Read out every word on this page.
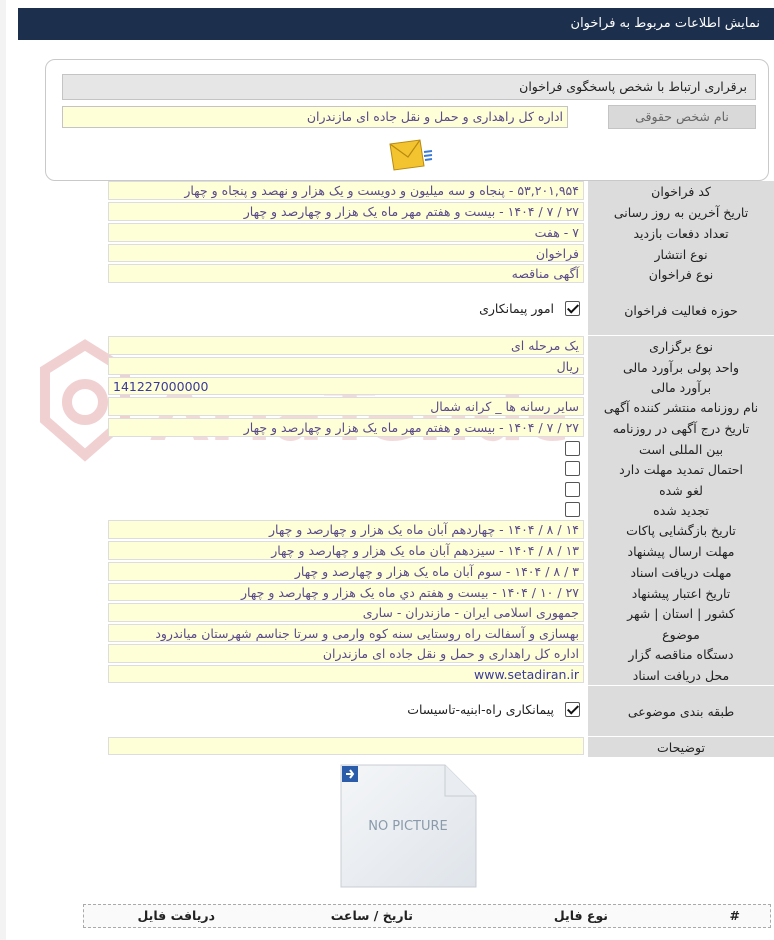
نمایش اطلاعات مربوط به فراخوان
برقراری ارتباط با شخص پاسخگوی فراخوان
نام شخص حقوقی
اداره کل راهداری و حمل و نقل جاده ای مازندران
کد فراخوان
۵۳,۲۰۱,۹۵۴ - پنجاه و سه میلیون و دویست و یک هزار و نهصد و پنجاه و چهار
تاریخ آخرین به روز رسانی
۲۷ / ۷ / ۱۴۰۴ - بیست و هفتم مهر ماه یک هزار و چهارصد و چهار
تعداد دفعات بازدید
۷ - هفت
نوع انتشار
فراخوان
نوع فراخوان
آگهی مناقصه
حوزه فعالیت فراخوان
امور پیمانکاری
نوع برگزاری
یک مرحله ای
واحد پولی برآورد مالی
ریال
برآورد مالی
141227000000
نام روزنامه منتشر کننده آگهی
سایر رسانه ها _ کرانه شمال
تاریخ درج آگهی در روزنامه
۲۷ / ۷ / ۱۴۰۴ - بیست و هفتم مهر ماه یک هزار و چهارصد و چهار
بین المللی است
احتمال تمدید مهلت دارد
لغو شده
تجدید شده
تاریخ بازگشایی پاکات
۱۴ / ۸ / ۱۴۰۴ - چهاردهم آبان ماه یک هزار و چهارصد و چهار
مهلت ارسال پیشنهاد
۱۳ / ۸ / ۱۴۰۴ - سیزدهم آبان ماه یک هزار و چهارصد و چهار
مهلت دریافت اسناد
۳ / ۸ / ۱۴۰۴ - سوم آبان ماه یک هزار و چهارصد و چهار
تاریخ اعتبار پیشنهاد
۲۷ / ۱۰ / ۱۴۰۴ - بیست و هفتم دي ماه یک هزار و چهارصد و چهار
کشور | استان | شهر
جمهوری اسلامی ایران - مازندران - ساری
موضوع
بهسازی و آسفالت راه روستایی سنه کوه وارمی و سرتا جناسم شهرستان میاندرود
دستگاه مناقصه گزار
اداره کل راهداری و حمل و نقل جاده ای مازندران
محل دریافت اسناد
www.setadiran.ir
طبقه بندی موضوعی
پیمانکاری راه-ابنیه-تاسیسات
توضیحات
NO PICTURE
#
نوع فایل
تاریخ / ساعت
دریافت فایل
